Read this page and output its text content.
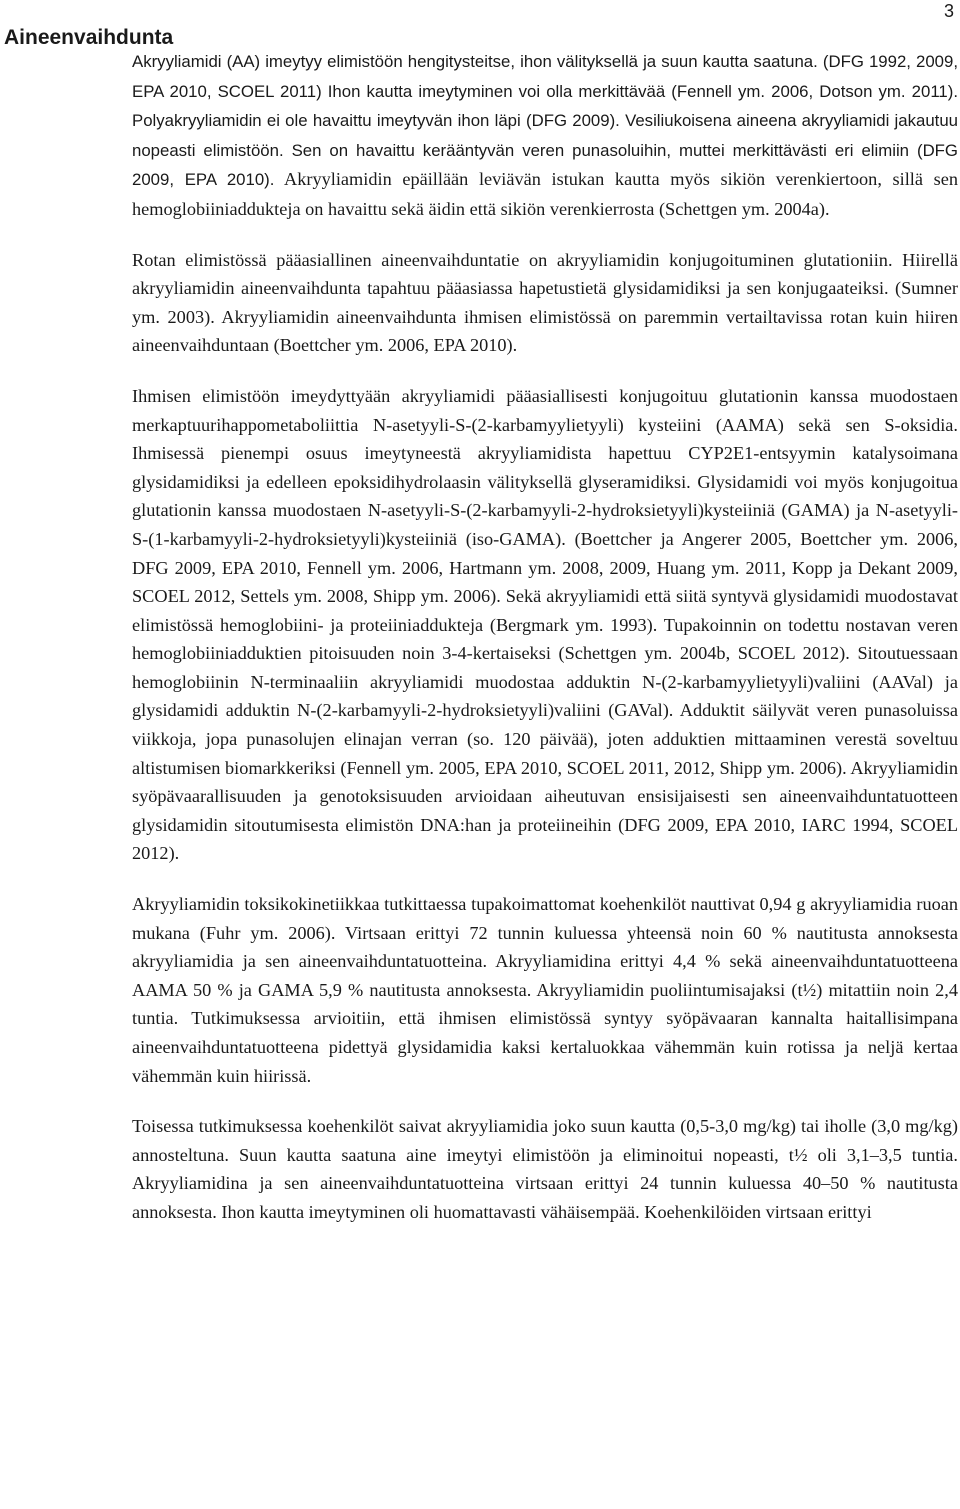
3
Aineenvaihdunta

Akryyliamidi (AA) imeytyy elimistöön hengitysteitse, ihon välityksellä ja suun kautta saatuna. (DFG 1992, 2009, EPA 2010, SCOEL 2011) Ihon kautta imeytyminen voi olla merkittävää (Fennell ym. 2006, Dotson ym. 2011). Polyakryyliamidin ei ole havaittu imeytyvän ihon läpi (DFG 2009). Vesiliukoisena aineena akryyliamidi jakautuu nopeasti elimistöön. Sen on havaittu kerääntyvän veren punasoluihin, muttei merkittävästi eri elimiin (DFG 2009, EPA 2010). Akryyliamidin epäillään leviävän istukan kautta myös sikiön verenkiertoon, sillä sen hemoglobiiniaddukteja on havaittu sekä äidin että sikiön verenkierrosta (Schettgen ym. 2004a).

Rotan elimistössä pääasiallinen aineenvaihduntatie on akryyliamidin konjugoituminen glutationiin. Hiirellä akryyliamidin aineenvaihdunta tapahtuu pääasiassa hapetustietä glysidamidiksi ja sen konjugaateiksi. (Sumner ym. 2003). Akryyliamidin aineenvaihdunta ihmisen elimistössä on paremmin vertailtavissa rotan kuin hiiren aineenvaihduntaan (Boettcher ym. 2006, EPA 2010).

Ihmisen elimistöön imeydyttyään akryyliamidi pääasiallisesti konjugoituu glutationin kanssa muodostaen merkaptuurihappometaboliittia N-asetyyli-S-(2-karbamyylietyyli) kysteiini (AAMA) sekä sen S-oksidia. Ihmisessä pienempi osuus imeytyneestä akryyliamidista hapettuu CYP2E1-entsyymin katalysoimana glysidamidiksi ja edelleen epoksidihydrolaasin välityksellä glyseramidiksi. Glysidamidi voi myös konjugoitua glutationin kanssa muodostaen N-asetyyli-S-(2-karbamyyli-2-hydroksietyyli)kysteiiniä (GAMA) ja N-asetyyli-S-(1-karbamyyli-2-hydroksietyyli)kysteiiniä (iso-GAMA). (Boettcher ja Angerer 2005, Boettcher ym. 2006, DFG 2009, EPA 2010, Fennell ym. 2006, Hartmann ym. 2008, 2009, Huang ym. 2011, Kopp ja Dekant 2009, SCOEL 2012, Settels ym. 2008, Shipp ym. 2006). Sekä akryyliamidi että siitä syntyvä glysidamidi muodostavat elimistössä hemoglobiini- ja proteiiniaddukteja (Bergmark ym. 1993). Tupakoinnin on todettu nostavan veren hemoglobiiniadduktien pitoisuuden noin 3-4-kertaiseksi (Schettgen ym. 2004b, SCOEL 2012). Sitoutuessaan hemoglobiinin N-terminaaliin akryyliamidi muodostaa adduktin N-(2-karbamyylietyyli)valiini (AAVal) ja glysidamidi adduktin N-(2-karbamyyli-2-hydroksietyyli)valiini (GAVal). Adduktit säilyvät veren punasoluissa viikkoja, jopa punasolujen elinajan verran (so. 120 päivää), joten adduktien mittaaminen verestä soveltuu altistumisen biomarkkeriksi (Fennell ym. 2005, EPA 2010, SCOEL 2011, 2012, Shipp ym. 2006). Akryyliamidin syöpävaarallisuuden ja genotoksisuuden arvioidaan aiheutuvan ensisijaisesti sen aineenvaihduntatuotteen glysidamidin sitoutumisesta elimistön DNA:han ja proteiineihin (DFG 2009, EPA 2010, IARC 1994, SCOEL 2012).

Akryyliamidin toksikokinetiikkaa tutkittaessa tupakoimattomat koehenkilöt nauttivat 0,94 g akryyliamidia ruoan mukana (Fuhr ym. 2006). Virtsaan erittyi 72 tunnin kuluessa yhteensä noin 60 % nautitusta annoksesta akryyliamidia ja sen aineenvaihduntatuotteina. Akryyliamidina erittyi 4,4 % sekä aineenvaihduntatuotteena AAMA 50 % ja GAMA 5,9 % nautitusta annoksesta. Akryyliamidin puoliintumisajaksi (t½) mitattiin noin 2,4 tuntia. Tutkimuksessa arvioitiin, että ihmisen elimistössä syntyy syöpävaaran kannalta haitallisimpana aineenvaihduntatuotteena pidettyä glysidamidia kaksi kertaluokkaa vähemmän kuin rotissa ja neljä kertaa vähemmän kuin hiirissä.

Toisessa tutkimuksessa koehenkilöt saivat akryyliamidia joko suun kautta (0,5-3,0 mg/kg) tai iholle (3,0 mg/kg) annosteltuna. Suun kautta saatuna aine imeytyi elimistöön ja eliminoitui nopeasti, t½ oli 3,1–3,5 tuntia. Akryyliamidina ja sen aineenvaihduntatuotteina virtsaan erittyi 24 tunnin kuluessa 40–50 % nautitusta annoksesta. Ihon kautta imeytyminen oli huomattavasti vähäisempää. Koehenkilöiden virtsaan erittyi
